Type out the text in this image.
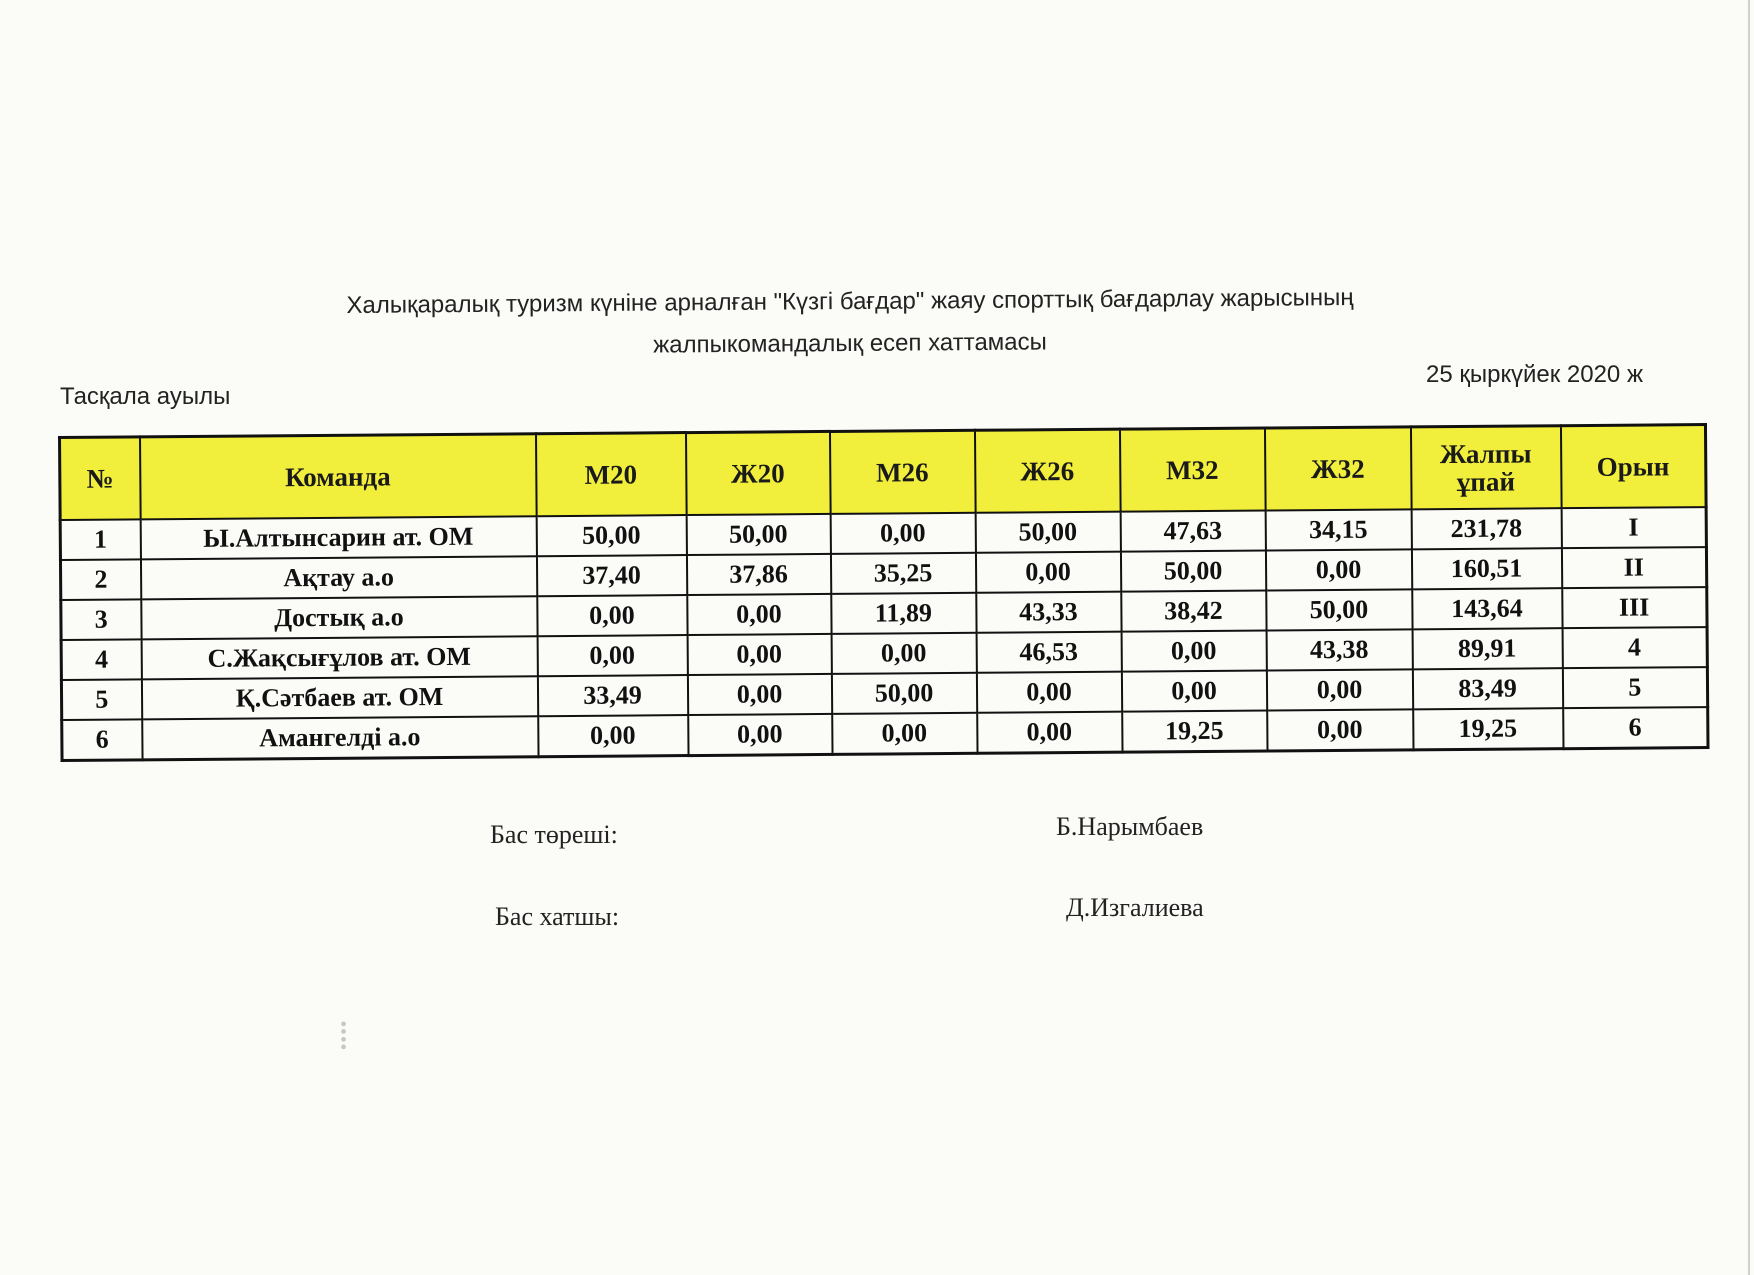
Халықаралық туризм күніне арналған "Күзгі бағдар" жаяу спорттық бағдарлау жарысының
жалпыкомандалық есеп хаттамасы
Тасқала ауылы
25 қыркүйек 2020 ж
№	Команда	М20	Ж20	М26	Ж26	М32	Ж32	Жалпы ұпай	Орын
1	Ы.Алтынсарин ат. ОМ	50,00	50,00	0,00	50,00	47,63	34,15	231,78	I
2	Ақтау а.о	37,40	37,86	35,25	0,00	50,00	0,00	160,51	II
3	Достық а.о	0,00	0,00	11,89	43,33	38,42	50,00	143,64	III
4	С.Жақсығұлов ат. ОМ	0,00	0,00	0,00	46,53	0,00	43,38	89,91	4
5	Қ.Сәтбаев ат. ОМ	33,49	0,00	50,00	0,00	0,00	0,00	83,49	5
6	Амангелді а.о	0,00	0,00	0,00	0,00	19,25	0,00	19,25	6
Бас төреші:	Б.Нарымбаев
Бас хатшы:	Д.Изгалиева
⁞
